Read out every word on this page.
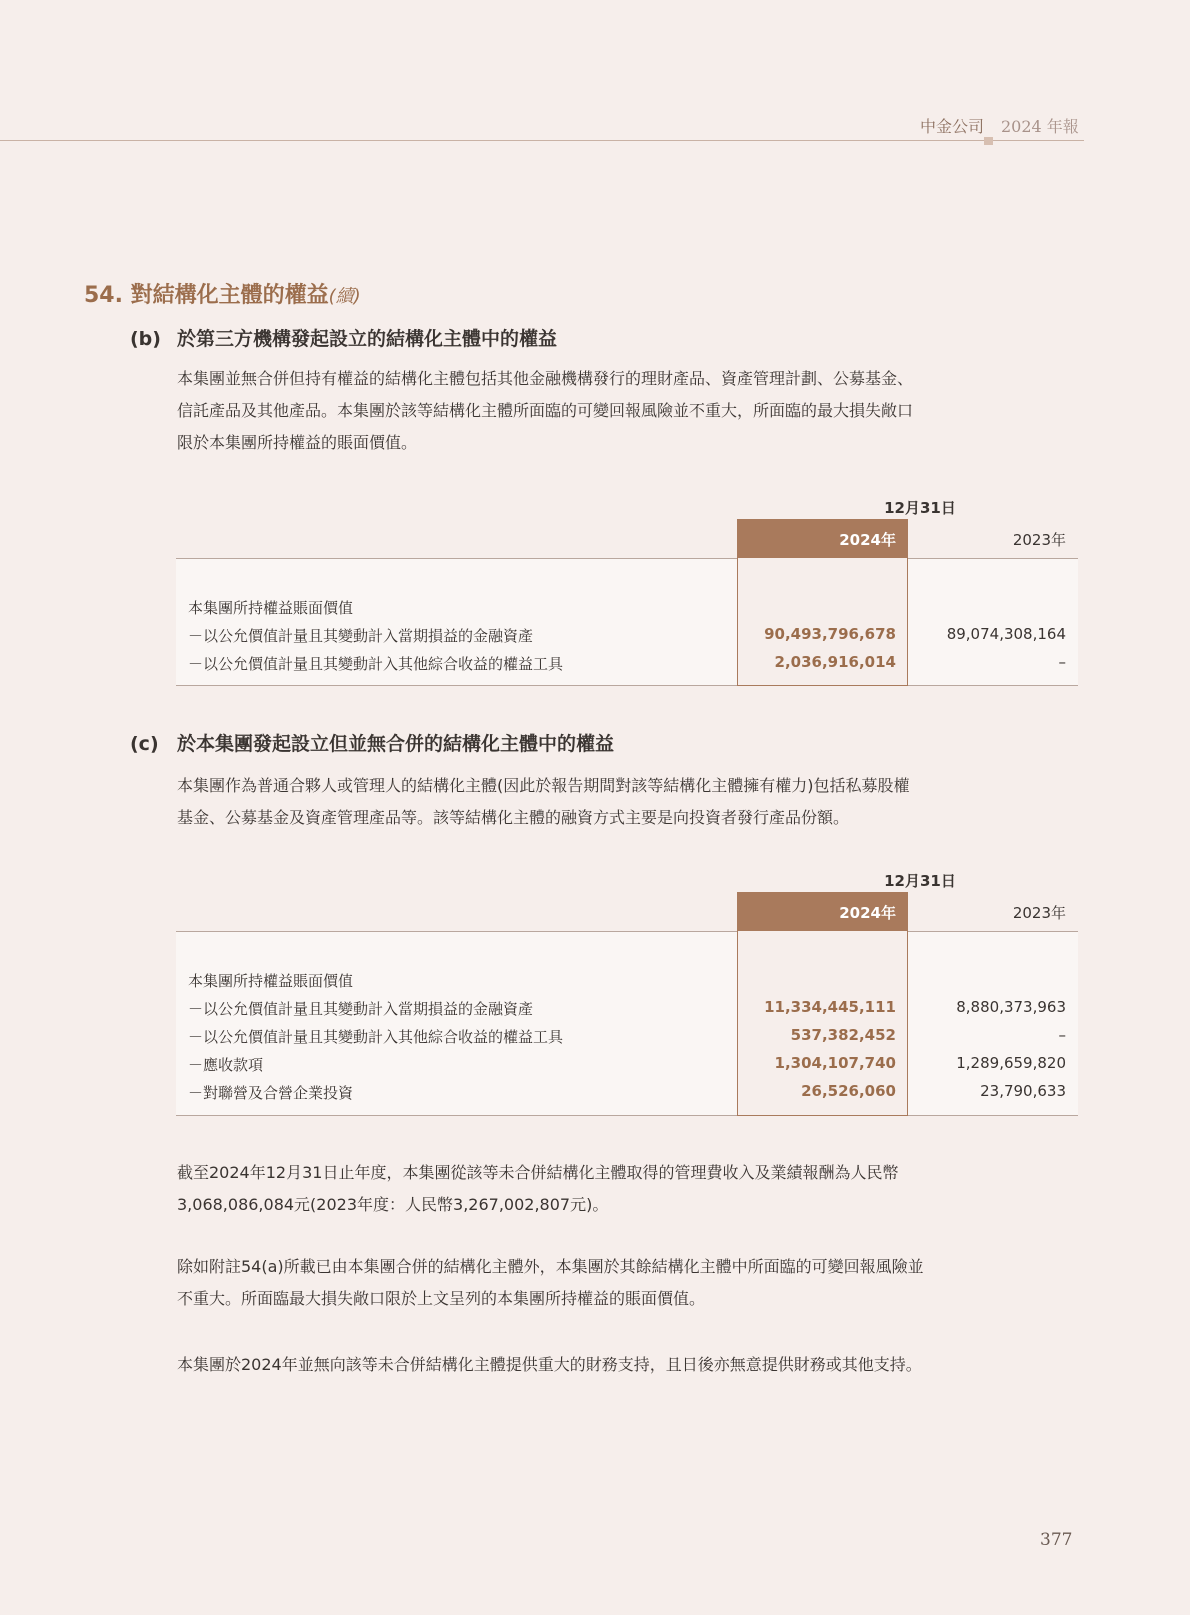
中金公司 2024 年報
54. 對結構化主體的權益(續)
(b) 於第三方機構發起設立的結構化主體中的權益
本集團並無合併但持有權益的結構化主體包括其他金融機構發行的理財產品、資產管理計劃、公募基金、
信託產品及其他產品。本集團於該等結構化主體所面臨的可變回報風險並不重大，所面臨的最大損失敞口
限於本集團所持權益的賬面價值。
12月31日
2024年	2023年
本集團所持權益賬面價值
－以公允價值計量且其變動計入當期損益的金融資產	90,493,796,678	89,074,308,164
－以公允價值計量且其變動計入其他綜合收益的權益工具	2,036,916,014	–
(c) 於本集團發起設立但並無合併的結構化主體中的權益
本集團作為普通合夥人或管理人的結構化主體(因此於報告期間對該等結構化主體擁有權力)包括私募股權
基金、公募基金及資產管理產品等。該等結構化主體的融資方式主要是向投資者發行產品份額。
12月31日
2024年	2023年
本集團所持權益賬面價值
－以公允價值計量且其變動計入當期損益的金融資產	11,334,445,111	8,880,373,963
－以公允價值計量且其變動計入其他綜合收益的權益工具	537,382,452	–
－應收款項	1,304,107,740	1,289,659,820
－對聯營及合營企業投資	26,526,060	23,790,633
截至2024年12月31日止年度，本集團從該等未合併結構化主體取得的管理費收入及業績報酬為人民幣
3,068,086,084元(2023年度：人民幣3,267,002,807元)。
除如附註54(a)所載已由本集團合併的結構化主體外，本集團於其餘結構化主體中所面臨的可變回報風險並
不重大。所面臨最大損失敞口限於上文呈列的本集團所持權益的賬面價值。
本集團於2024年並無向該等未合併結構化主體提供重大的財務支持，且日後亦無意提供財務或其他支持。
377
